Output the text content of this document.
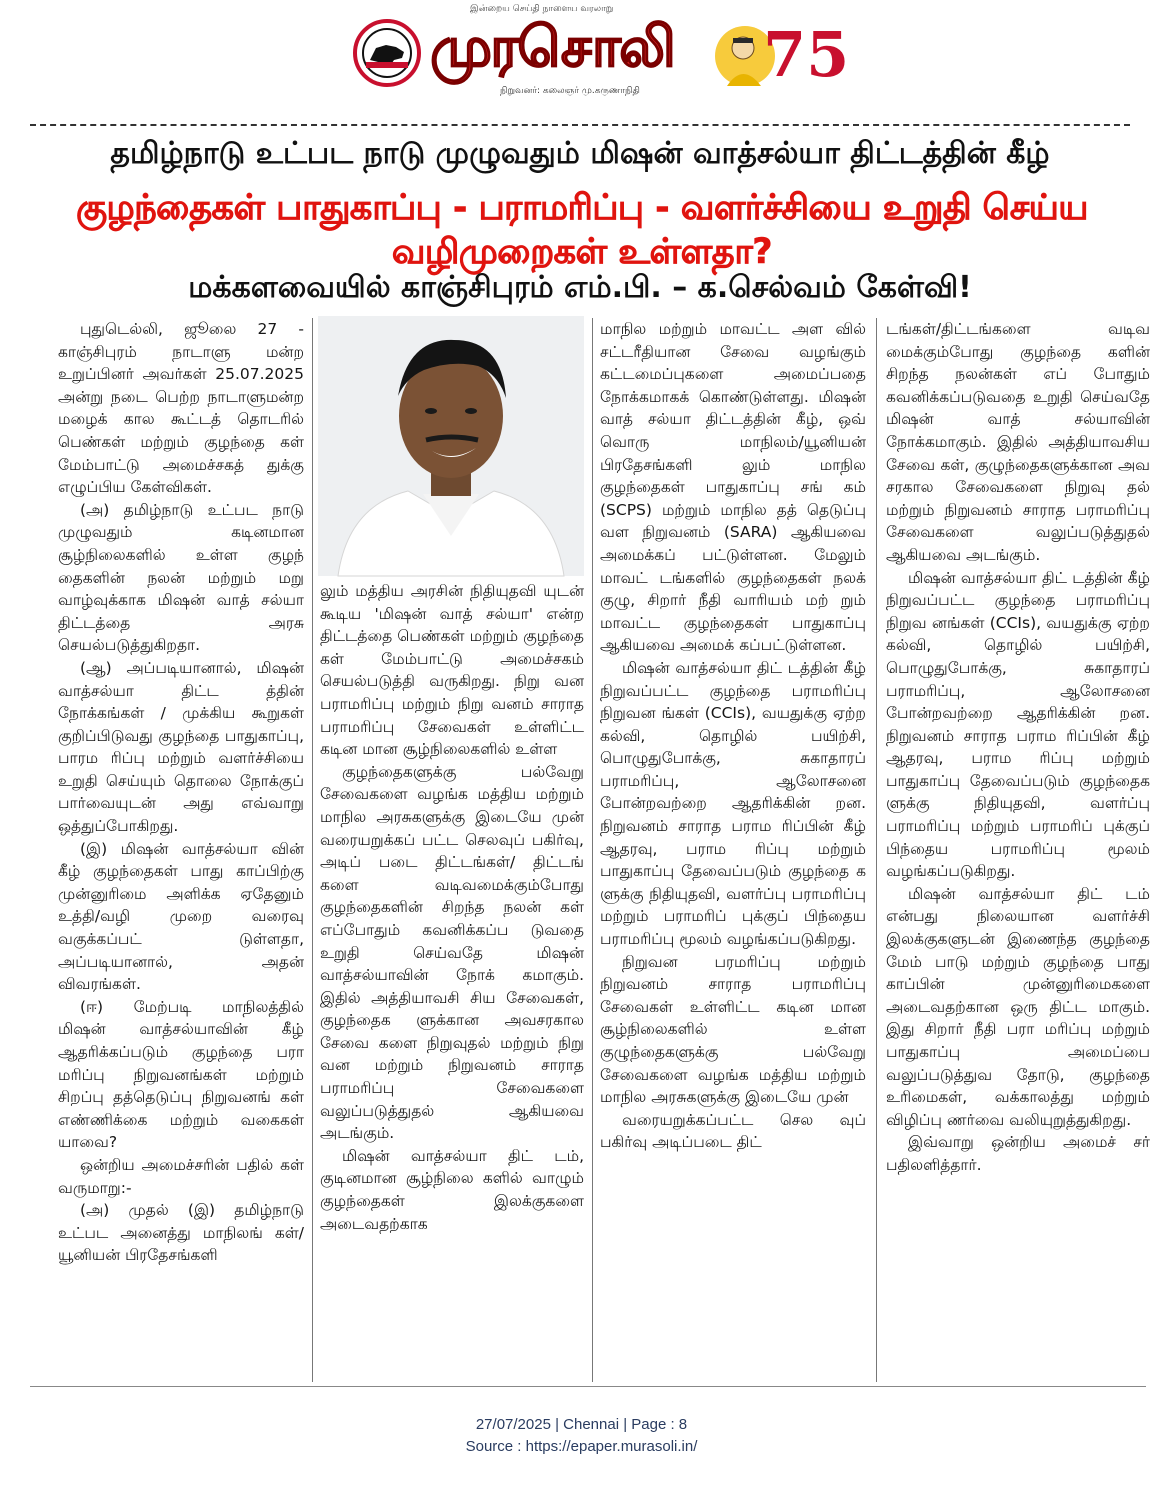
இன்றைய செய்தி நாளைய வரலாறு
முரசொலி
நிறுவனர்: கலைஞர் மு.கருணாநிதி 75
தமிழ்நாடு உட்பட நாடு முழுவதும் மிஷன் வாத்சல்யா திட்டத்தின் கீழ்
குழந்தைகள் பாதுகாப்பு - பராமரிப்பு - வளர்ச்சியை உறுதி செய்ய வழிமுறைகள் உள்ளதா?
மக்களவையில் காஞ்சிபுரம் எம்.பி. – க.செல்வம் கேள்வி!

புதுடெல்லி, ஜூலை 27 - காஞ்சிபுரம் நாடாளு மன்ற உறுப்பினர் அவர்கள் 25.07.2025 அன்று நடை பெற்ற நாடாளுமன்ற மழைக் கால கூட்டத் தொடரில் பெண்கள் மற்றும் குழந்தை கள் மேம்பாட்டு அமைச்சகத் துக்கு எழுப்பிய கேள்விகள்.

(அ) தமிழ்நாடு உட்பட நாடு முழுவதும் கடினமான சூழ்நிலைகளில் உள்ள குழந் தைகளின் நலன் மற்றும் மறு வாழ்வுக்காக மிஷன் வாத் சல்யா திட்டத்தை அரசு செயல்படுத்துகிறதா.

(ஆ) அப்படியானால், மிஷன் வாத்சல்யா திட்ட த்தின் நோக்கங்கள் / முக்கிய கூறுகள் குறிப்பிடுவது குழந்தை பாதுகாப்பு, பாரம ரிப்பு மற்றும் வளர்ச்சியை உறுதி செய்யும் தொலை நோக்குப் பார்வையுடன் அது எவ்வாறு ஒத்துப்போகிறது.

(இ) மிஷன் வாத்சல்யா வின் கீழ் குழந்தைகள் பாது காப்பிற்கு முன்னுரிமை அளிக்க ஏதேனும் உத்தி/வழி முறை வரைவு வகுக்கப்பட் டுள்ளதா, அப்படியானால், அதன் விவரங்கள்.

(ஈ) மேற்படி மாநிலத்தில் மிஷன் வாத்சல்யாவின் கீழ் ஆதரிக்கப்படும் குழந்தை பரா மரிப்பு நிறுவனங்கள் மற்றும் சிறப்பு தத்தெடுப்பு நிறுவனங் கள் எண்ணிக்கை மற்றும் வகைகள் யாவை?

ஒன்றிய அமைச்சரின் பதில் கள் வருமாறு:-

(அ) முதல் (இ) தமிழ்நாடு உட்பட அனைத்து மாநிலங் கள்/யூனியன் பிரதேசங்களி

லும் மத்திய அரசின் நிதியுதவி யுடன் கூடிய 'மிஷன் வாத் சல்யா' என்ற திட்டத்தை பெண்கள் மற்றும் குழந்தை கள் மேம்பாட்டு அமைச்சகம் செயல்படுத்தி வருகிறது. நிறு வன பராமரிப்பு மற்றும் நிறு வனம் சாராத பராமரிப்பு சேவைகள் உள்ளிட்ட கடின மான சூழ்நிலைகளில் உள்ள

குழந்தைகளுக்கு பல்வேறு சேவைகளை வழங்க மத்திய மற்றும் மாநில அரசுகளுக்கு இடையே முன் வரையறுக்கப் பட்ட செலவுப் பகிர்வு, அடிப் படை திட்டங்கள்/ திட்டங் களை வடிவமைக்கும்போது குழந்தைகளின் சிறந்த நலன் கள் எப்போதும் கவனிக்கப்ப டுவதை உறுதி செய்வதே மிஷன் வாத்சல்யாவின் நோக் கமாகும். இதில் அத்தியாவசி சிய சேவைகள், குழந்தைக ளுக்கான அவசரகால சேவை களை நிறுவுதல் மற்றும் நிறு வன மற்றும் நிறுவனம் சாராத பராமரிப்பு சேவைகளை வலுப்படுத்துதல் ஆகியவை அடங்கும்.

மிஷன் வாத்சல்யா திட் டம், குடினமான சூழ்நிலை களில் வாழும் குழந்தைகள் இலக்குகளை அடைவதற்காக

மாநில மற்றும் மாவட்ட அள வில் சட்டரீதியான சேவை வழங்கும் கட்டமைப்புகளை அமைப்பதை நோக்கமாகக் கொண்டுள்ளது. மிஷன் வாத் சல்யா திட்டத்தின் கீழ், ஒவ் வொரு மாநிலம்/யூனியன் பிரதேசங்களி லும் மாநில குழந்தைகள் பாதுகாப்பு சங் கம் (SCPS) மற்றும் மாநில தத் தெடுப்பு வள நிறுவனம் (SARA) ஆகியவை அமைக்கப் பட்டுள்ளன. மேலும் மாவட் டங்களில் குழந்தைகள் நலக் குழு, சிறார் நீதி வாரியம் மற் றும் மாவட்ட குழந்தைகள் பாதுகாப்பு ஆகியவை அமைக் கப்பட்டுள்ளன.

மிஷன் வாத்சல்யா திட் டத்தின் கீழ் நிறுவப்பட்ட குழந்தை பராமரிப்பு நிறுவன ங்கள் (CCIs), வயதுக்கு ஏற்ற கல்வி, தொழில் பயிற்சி, பொழுதுபோக்கு, சுகாதாரப் பராமரிப்பு, ஆலோசனை போன்றவற்றை ஆதரிக்கின் றன. நிறுவனம் சாராத பராம ரிப்பின் கீழ் ஆதரவு, பராம ரிப்பு மற்றும் பாதுகாப்பு தேவைப்படும் குழந்தை க ளுக்கு நிதியுதவி, வளர்ப்பு பராமரிப்பு மற்றும் பராமரிப் புக்குப் பிந்தைய பராமரிப்பு மூலம் வழங்கப்படுகிறது.

நிறுவன பரமரிப்பு மற்றும் நிறுவனம் சாராத பராமரிப்பு சேவைகள் உள்ளிட்ட கடின மான சூழ்நிலைகளில் உள்ள குழுந்தைகளுக்கு பல்வேறு சேவைகளை வழங்க மத்திய மற்றும் மாநில அரசுகளுக்கு இடையே முன்

வரையறுக்கப்பட்ட செல வுப் பகிர்வு அடிப்படை திட்

டங்கள்/திட்டங்களை வடிவ மைக்கும்போது குழந்தை களின் சிறந்த நலன்கள் எப் போதும் கவனிக்கப்படுவதை உறுதி செய்வதே மிஷன் வாத் சல்யாவின் நோக்கமாகும். இதில் அத்தியாவசிய சேவை கள், குழுந்தைகளுக்கான அவ சரகால சேவைகளை நிறுவு தல் மற்றும் நிறுவனம் சாராத பராமரிப்பு சேவைகளை வலுப்படுத்துதல் ஆகியவை அடங்கும்.

மிஷன் வாத்சல்யா திட் டத்தின் கீழ் நிறுவப்பட்ட குழந்தை பராமரிப்பு நிறுவ னங்கள் (CCIs), வயதுக்கு ஏற்ற கல்வி, தொழில் பயிற்சி, பொழுதுபோக்கு, சுகாதாரப் பராமரிப்பு, ஆலோசனை போன்றவற்றை ஆதரிக்கின் றன. நிறுவனம் சாராத பராம ரிப்பின் கீழ் ஆதரவு, பராம ரிப்பு மற்றும் பாதுகாப்பு தேவைப்படும் குழந்தைக ளுக்கு நிதியுதவி, வளர்ப்பு பராமரிப்பு மற்றும் பராமரிப் புக்குப் பிந்தைய பராமரிப்பு மூலம் வழங்கப்படுகிறது.

மிஷன் வாத்சல்யா திட் டம் என்பது நிலையான வளர்ச்சி இலக்குகளுடன் இணைந்த குழந்தை மேம் பாடு மற்றும் குழந்தை பாது காப்பின் முன்னுரிமைகளை அடைவதற்கான ஒரு திட்ட மாகும். இது சிறார் நீதி பரா மரிப்பு மற்றும் பாதுகாப்பு அமைப்பை வலுப்படுத்துவ தோடு, குழந்தை உரிமைகள், வக்காலத்து மற்றும் விழிப்பு ணர்வை வலியுறுத்துகிறது.

இவ்வாறு ஒன்றிய அமைச் சர் பதிலளித்தார்.

27/07/2025 | Chennai | Page : 8
Source : https://epaper.murasoli.in/
